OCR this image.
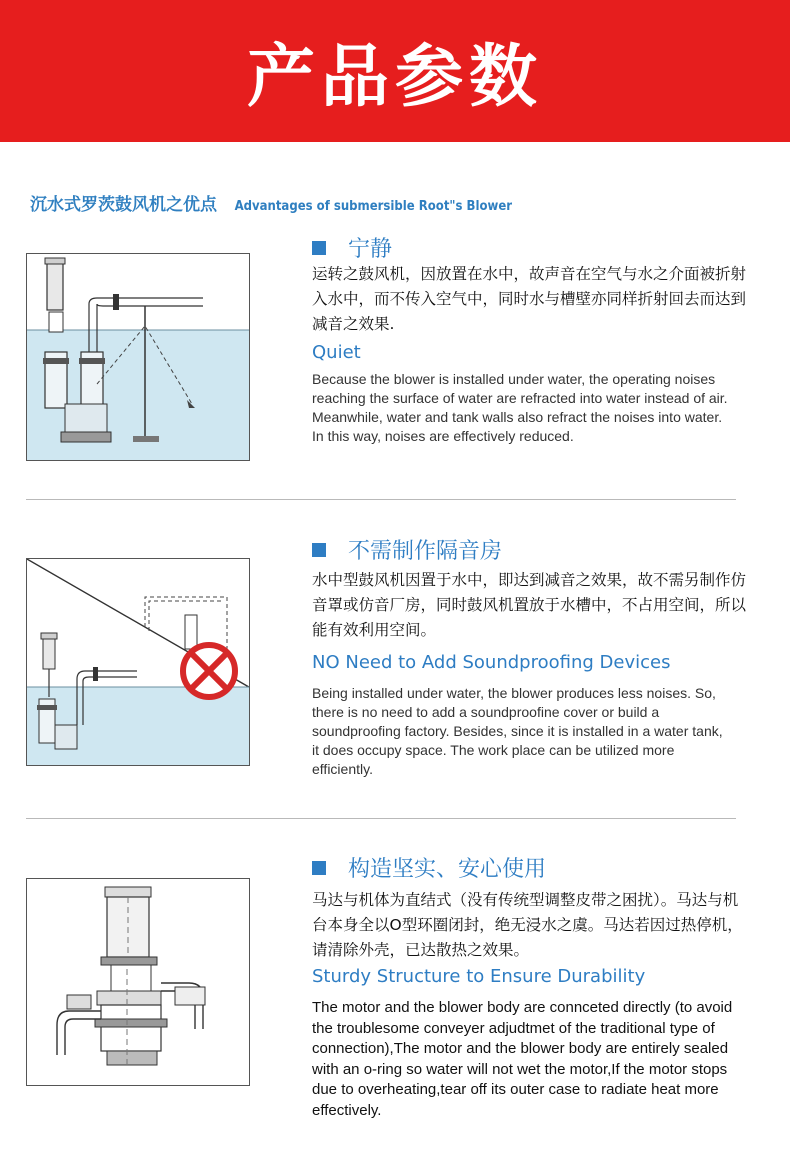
产品参数
沉水式罗茨鼓风机之优点 Advantages of submersible Root"s Blower
宁静
运转之鼓风机，因放置在水中，故声音在空气与水之介面被折射入水中，而不传入空气中，同时水与槽壁亦同样折射回去而达到减音之效果.
Quiet
Because the blower is installed under water, the operating noises reaching the surface of water are refracted into water instead of air. Meanwhile, water and tank walls also refract the noises into water. In this way, noises are effectively reduced.
不需制作隔音房
水中型鼓风机因置于水中，即达到减音之效果，故不需另制作仿音罩或仿音厂房，同时鼓风机置放于水槽中，不占用空间，所以能有效利用空间。
NO Need to Add Soundproofing Devices
Being installed under water, the blower produces less noises. So, there is no need to add a soundproofine cover or build a soundproofing factory. Besides, since it is installed in a water tank, it does occupy space. The work place can be utilized more efficiently.
构造坚实、安心使用
马达与机体为直结式（没有传统型调整皮带之困扰）。马达与机台本身全以O型环圈闭封，绝无浸水之虞。马达若因过热停机，请清除外壳，已达散热之效果。
Sturdy Structure to Ensure Durability
The motor and the blower body are connceted directly (to avoid the troublesome conveyer adjudtmet of the traditional type of connection),The motor and the blower body are entirely sealed with an o-ring so water will not wet the motor,If the motor stops due to overheating,tear off its outer case to radiate heat more effectively.
